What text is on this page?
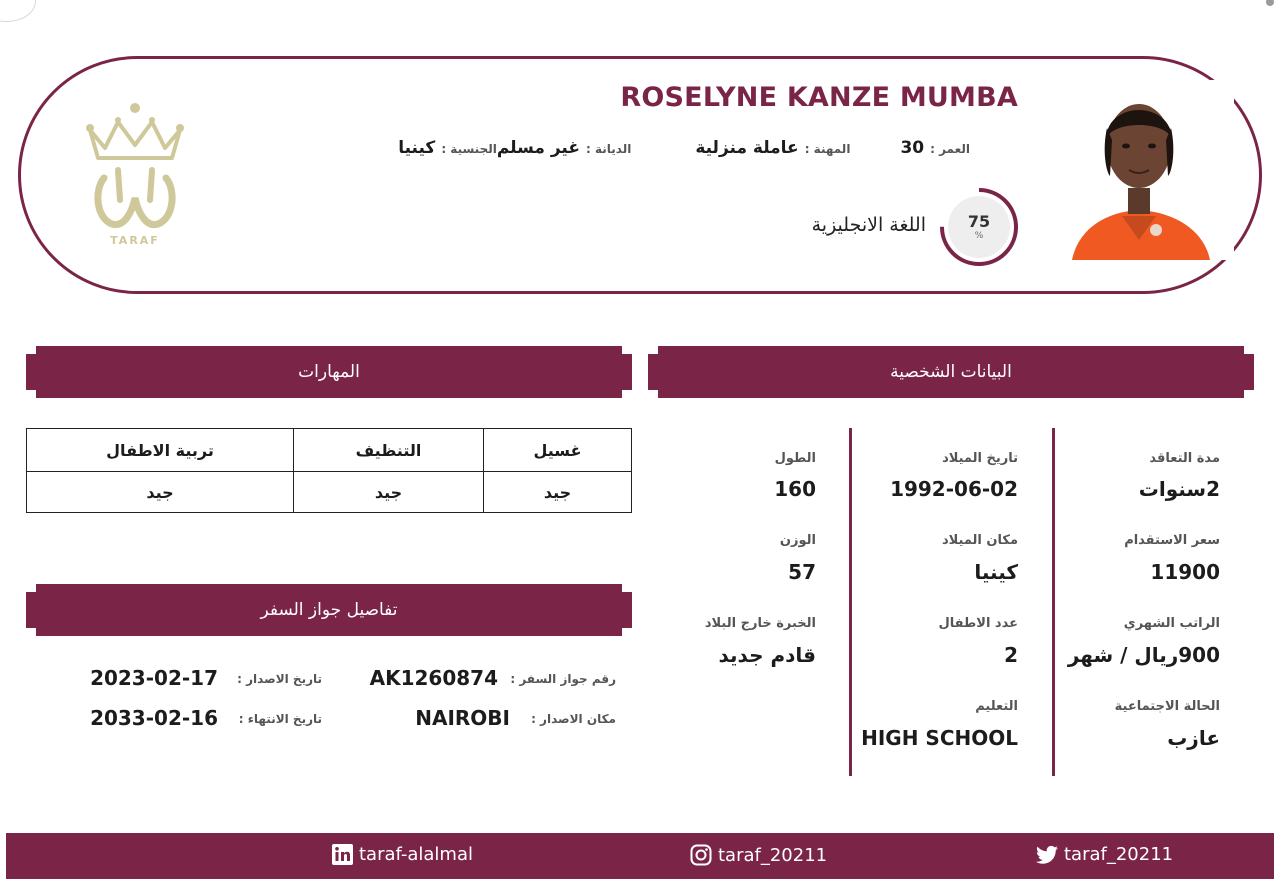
ROSELYNE KANZE MUMBA
الجنسية :
كينيا	الديانة :
غير مسلم	المهنة :
عاملة منزلية	العمر :
30
75
%
اللغة الانجليزية
TARAF
المهارات	البيانات الشخصية
غسيل	التنظيف	تربية الاطفال
جيد	جيد	جيد
تفاصيل جواز السفر
رقم جواز السفر :
AK1260874
تاريخ الاصدار :
2023-02-17
مكان الاصدار :
NAIROBI
تاريخ الانتهاء :
2033-02-16
مدة التعاقد
2سنوات
سعر الاستقدام
11900
الراتب الشهري
900ريال / شهر
الحالة الاجتماعية
عازب
تاريخ الميلاد
1992-06-02
مكان الميلاد
كينيا
عدد الاطفال
2
التعليم
HIGH SCHOOL
الطول
160
الوزن
57
الخبرة خارج البلاد
قادم جديد
taraf_20211
taraf_20211
taraf-alalmal
